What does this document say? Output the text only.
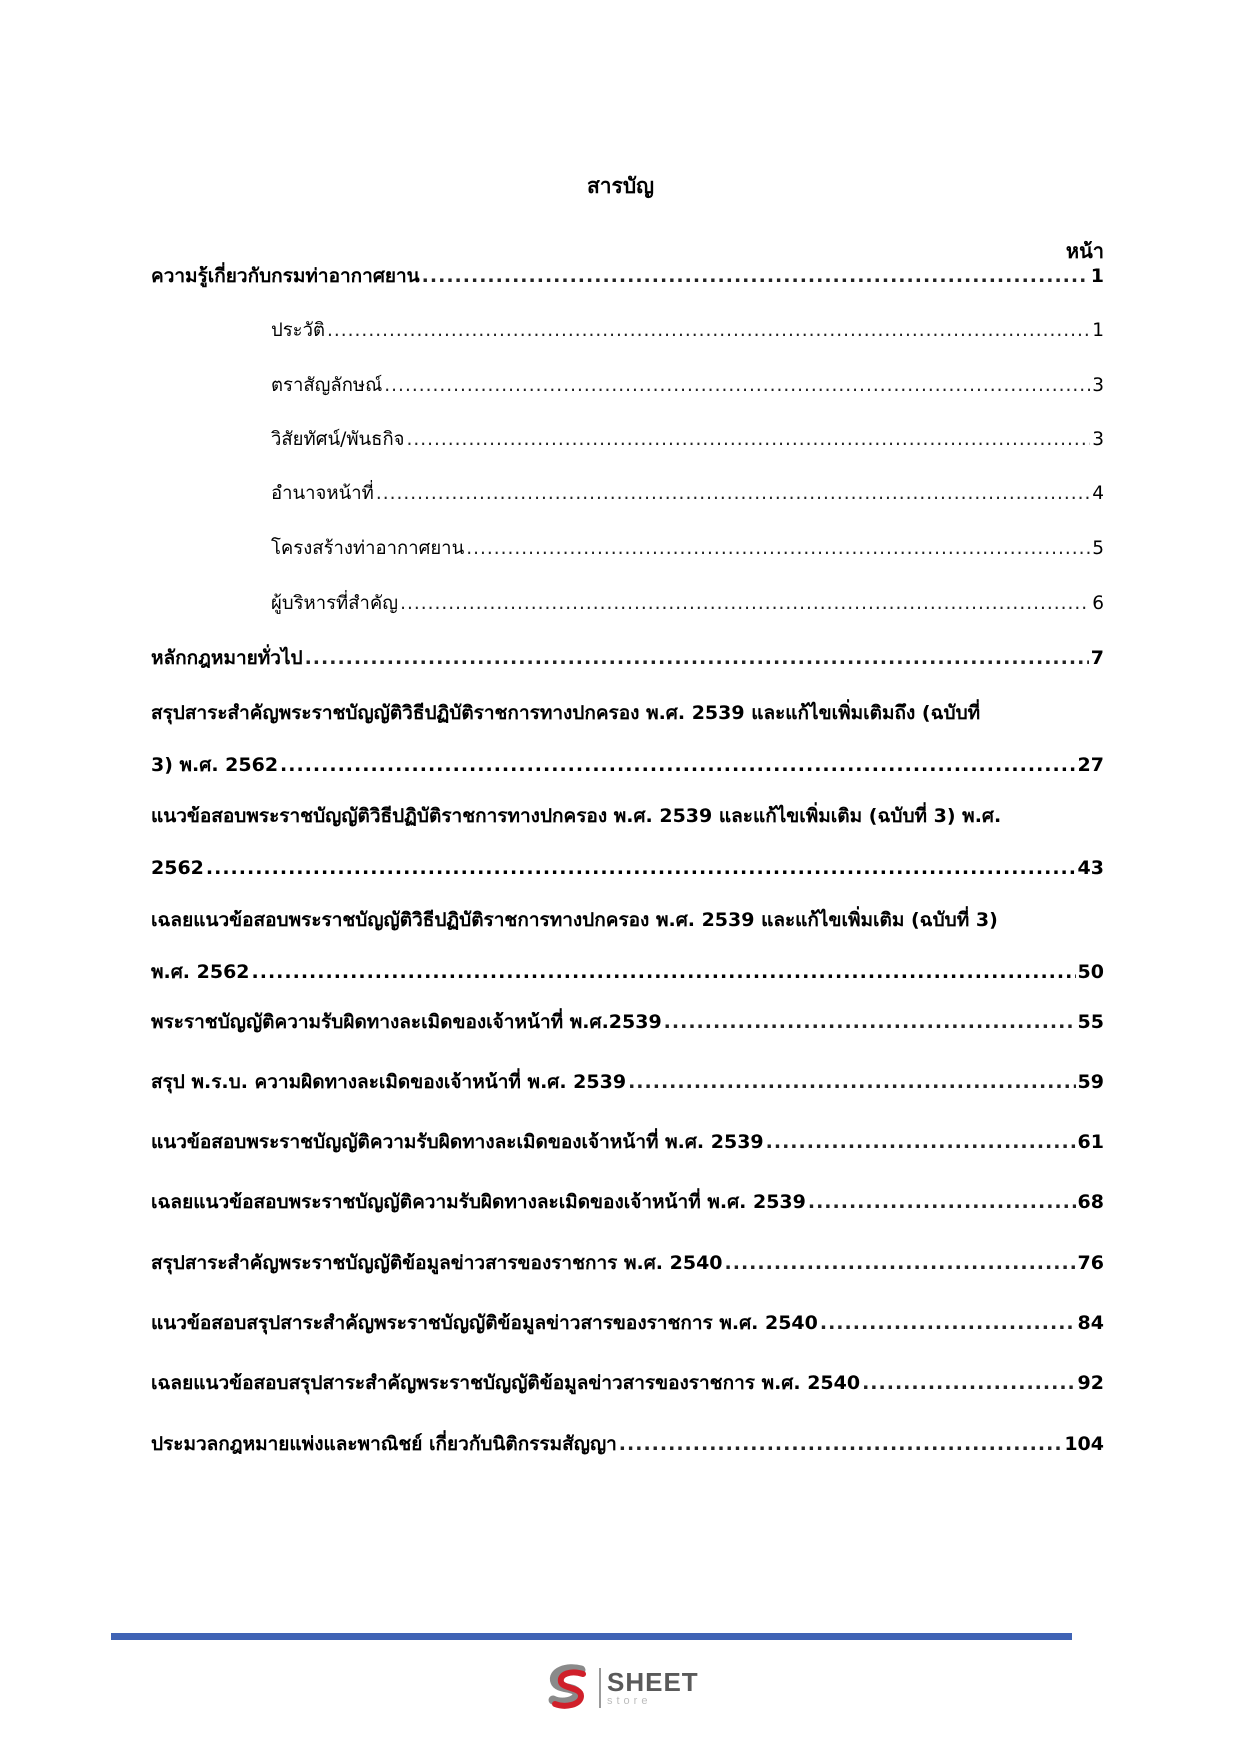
สารบัญ
หน้า
ความรู้เกี่ยวกับกรมท่าอากาศยาน .....	1
ประวัติ .....	1
ตราสัญลักษณ์ .....	3
วิสัยทัศน์/พันธกิจ .....	3
อำนาจหน้าที่ .....	4
โครงสร้างท่าอากาศยาน .....	5
ผู้บริหารที่สำคัญ .....	6
หลักกฎหมายทั่วไป .....	7
สรุปสาระสำคัญพระราชบัญญัติวิธีปฏิบัติราชการทางปกครอง พ.ศ. 2539 และแก้ไขเพิ่มเติมถึง (ฉบับที่
3) พ.ศ. 2562 .....	27
แนวข้อสอบพระราชบัญญัติวิธีปฏิบัติราชการทางปกครอง พ.ศ. 2539 และแก้ไขเพิ่มเติม (ฉบับที่ 3) พ.ศ.
2562 .....	43
เฉลยแนวข้อสอบพระราชบัญญัติวิธีปฏิบัติราชการทางปกครอง พ.ศ. 2539 และแก้ไขเพิ่มเติม (ฉบับที่ 3)
พ.ศ. 2562 .....	50
พระราชบัญญัติความรับผิดทางละเมิดของเจ้าหน้าที่ พ.ศ.2539 .....	55
สรุป พ.ร.บ. ความผิดทางละเมิดของเจ้าหน้าที่ พ.ศ. 2539 .....	59
แนวข้อสอบพระราชบัญญัติความรับผิดทางละเมิดของเจ้าหน้าที่ พ.ศ. 2539 .....	61
เฉลยแนวข้อสอบพระราชบัญญัติความรับผิดทางละเมิดของเจ้าหน้าที่ พ.ศ. 2539 .....	68
สรุปสาระสำคัญพระราชบัญญัติข้อมูลข่าวสารของราชการ พ.ศ. 2540 .....	76
แนวข้อสอบสรุปสาระสำคัญพระราชบัญญัติข้อมูลข่าวสารของราชการ พ.ศ. 2540 .....	84
เฉลยแนวข้อสอบสรุปสาระสำคัญพระราชบัญญัติข้อมูลข่าวสารของราชการ พ.ศ. 2540 .....	92
ประมวลกฎหมายแพ่งและพาณิชย์ เกี่ยวกับนิติกรรมสัญญา .....	104
SHEET
store
